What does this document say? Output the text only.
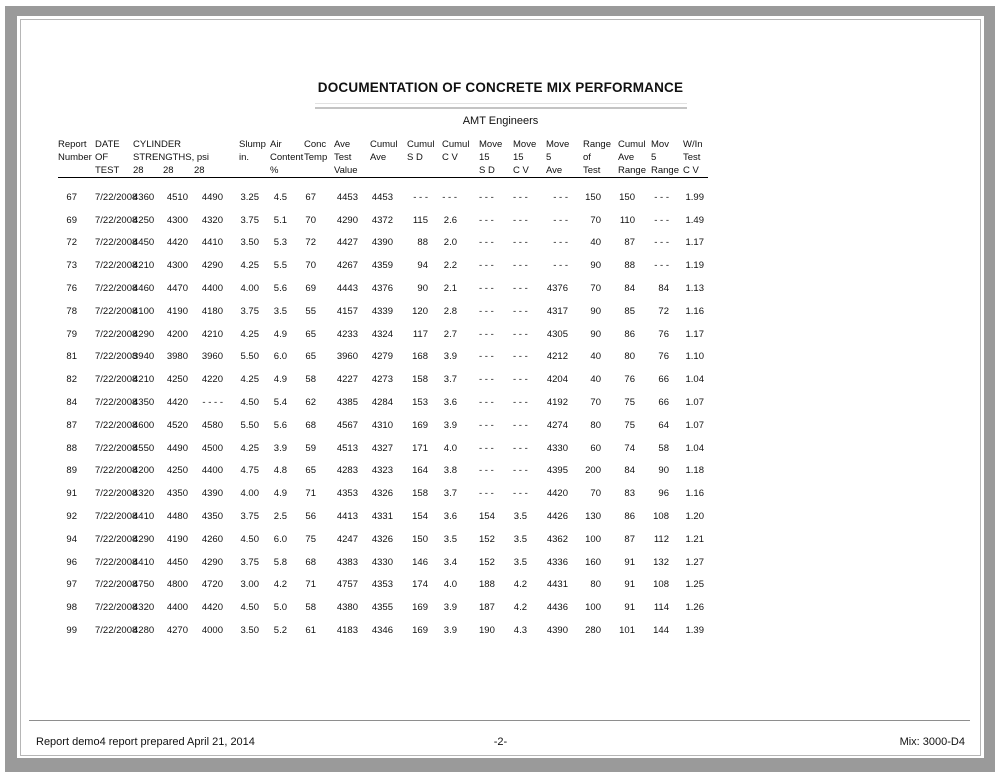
DOCUMENTATION OF CONCRETE MIX PERFORMANCE
AMT Engineers
Report	DATE	CYLINDER			Slump	Air	Conc	Ave	Cumul	Cumul	Cumul	Move	Move	Move	Range	Cumul	Mov	W/In
Number	OF	STRENGTHS, psi			in.	Content	Temp	Test	Ave	S D	C V	15	15	5	of	Ave	5	Test
	TEST	28	28	28		%		Value				S D	C V	Ave	Test	Range	Range	C V

67	7/22/2008	4360	4510	4490	3.25	4.5	67	4453	4453	- - -	- - -	- - -	- - -	- - -	150	150	- - -	1.99
69	7/22/2008	4250	4300	4320	3.75	5.1	70	4290	4372	115	2.6	- - -	- - -	- - -	70	110	- - -	1.49
72	7/22/2008	4450	4420	4410	3.50	5.3	72	4427	4390	88	2.0	- - -	- - -	- - -	40	87	- - -	1.17
73	7/22/2008	4210	4300	4290	4.25	5.5	70	4267	4359	94	2.2	- - -	- - -	- - -	90	88	- - -	1.19
76	7/22/2008	4460	4470	4400	4.00	5.6	69	4443	4376	90	2.1	- - -	- - -	4376	70	84	84	1.13
78	7/22/2008	4100	4190	4180	3.75	3.5	55	4157	4339	120	2.8	- - -	- - -	4317	90	85	72	1.16
79	7/22/2008	4290	4200	4210	4.25	4.9	65	4233	4324	117	2.7	- - -	- - -	4305	90	86	76	1.17
81	7/22/2008	3940	3980	3960	5.50	6.0	65	3960	4279	168	3.9	- - -	- - -	4212	40	80	76	1.10
82	7/22/2008	4210	4250	4220	4.25	4.9	58	4227	4273	158	3.7	- - -	- - -	4204	40	76	66	1.04
84	7/22/2008	4350	4420	- - - -	4.50	5.4	62	4385	4284	153	3.6	- - -	- - -	4192	70	75	66	1.07
87	7/22/2008	4600	4520	4580	5.50	5.6	68	4567	4310	169	3.9	- - -	- - -	4274	80	75	64	1.07
88	7/22/2008	4550	4490	4500	4.25	3.9	59	4513	4327	171	4.0	- - -	- - -	4330	60	74	58	1.04
89	7/22/2008	4200	4250	4400	4.75	4.8	65	4283	4323	164	3.8	- - -	- - -	4395	200	84	90	1.18
91	7/22/2008	4320	4350	4390	4.00	4.9	71	4353	4326	158	3.7	- - -	- - -	4420	70	83	96	1.16
92	7/22/2008	4410	4480	4350	3.75	2.5	56	4413	4331	154	3.6	154	3.5	4426	130	86	108	1.20
94	7/22/2008	4290	4190	4260	4.50	6.0	75	4247	4326	150	3.5	152	3.5	4362	100	87	112	1.21
96	7/22/2008	4410	4450	4290	3.75	5.8	68	4383	4330	146	3.4	152	3.5	4336	160	91	132	1.27
97	7/22/2008	4750	4800	4720	3.00	4.2	71	4757	4353	174	4.0	188	4.2	4431	80	91	108	1.25
98	7/22/2008	4320	4400	4420	4.50	5.0	58	4380	4355	169	3.9	187	4.2	4436	100	91	114	1.26
99	7/22/2008	4280	4270	4000	3.50	5.2	61	4183	4346	169	3.9	190	4.3	4390	280	101	144	1.39
Report demo4 report prepared April 21, 2014	-2-	Mix: 3000-D4
